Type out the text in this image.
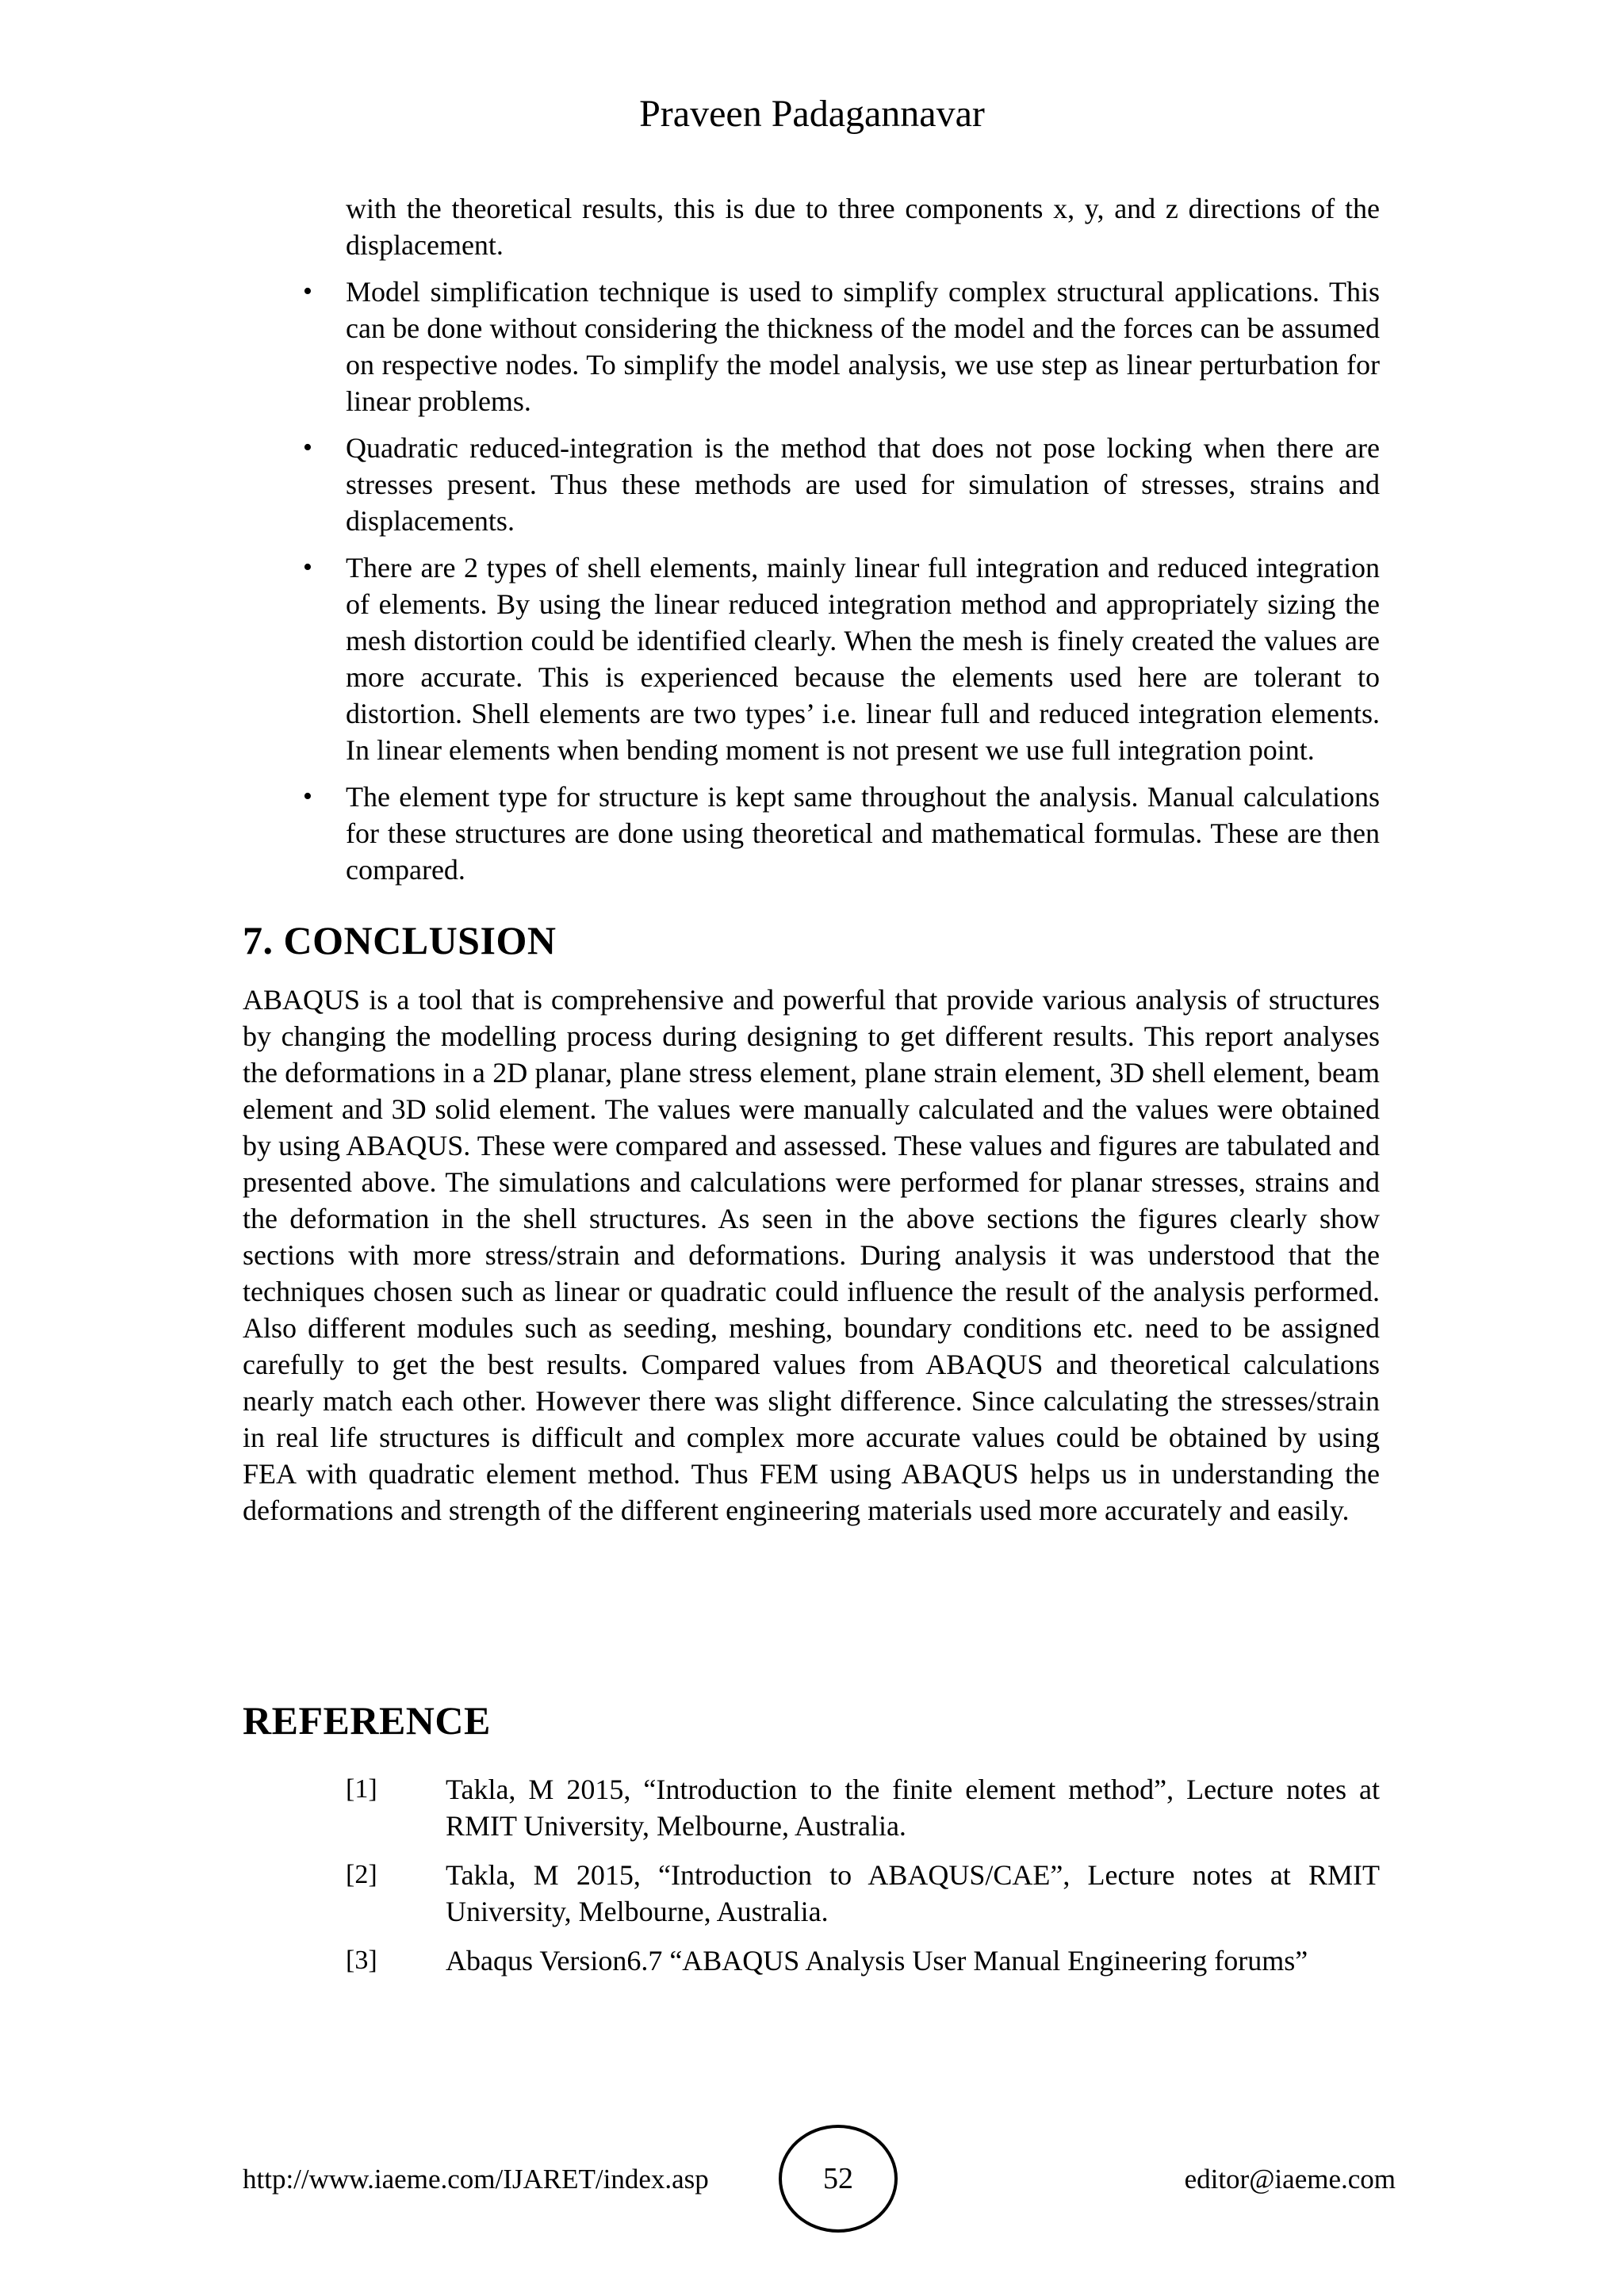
Praveen Padagannavar

with the theoretical results, this is due to three components x, y, and z directions of the displacement.

•	Model simplification technique is used to simplify complex structural applications. This can be done without considering the thickness of the model and the forces can be assumed on respective nodes. To simplify the model analysis, we use step as linear perturbation for linear problems.
•	Quadratic reduced-integration is the method that does not pose locking when there are stresses present. Thus these methods are used for simulation of stresses, strains and displacements.
•	There are 2 types of shell elements, mainly linear full integration and reduced integration of elements. By using the linear reduced integration method and appropriately sizing the mesh distortion could be identified clearly. When the mesh is finely created the values are more accurate. This is experienced because the elements used here are tolerant to distortion. Shell elements are two types’ i.e. linear full and reduced integration elements. In linear elements when bending moment is not present we use full integration point.
•	The element type for structure is kept same throughout the analysis. Manual calculations for these structures are done using theoretical and mathematical formulas. These are then compared.
7. CONCLUSION

ABAQUS is a tool that is comprehensive and powerful that provide various analysis of structures by changing the modelling process during designing to get different results. This report analyses the deformations in a 2D planar, plane stress element, plane strain element, 3D shell element, beam element and 3D solid element. The values were manually calculated and the values were obtained by using ABAQUS. These were compared and assessed. These values and figures are tabulated and presented above. The simulations and calculations were performed for planar stresses, strains and the deformation in the shell structures. As seen in the above sections the figures clearly show sections with more stress/strain and deformations. During analysis it was understood that the techniques chosen such as linear or quadratic could influence the result of the analysis performed. Also different modules such as seeding, meshing, boundary conditions etc. need to be assigned carefully to get the best results. Compared values from ABAQUS and theoretical calculations nearly match each other. However there was slight difference. Since calculating the stresses/strain in real life structures is difficult and complex more accurate values could be obtained by using FEA with quadratic element method. Thus FEM using ABAQUS helps us in understanding the deformations and strength of the different engineering materials used more accurately and easily.

REFERENCE
[1]	Takla, M 2015, “Introduction to the finite element method”, Lecture notes at RMIT University, Melbourne, Australia.
[2]	Takla, M 2015, “Introduction to ABAQUS/CAE”, Lecture notes at RMIT University, Melbourne, Australia.
[3]	Abaqus Version6.7 “ABAQUS Analysis User Manual Engineering forums”
http://www.iaeme.com/IJARET/index.asp	52	editor@iaeme.com
